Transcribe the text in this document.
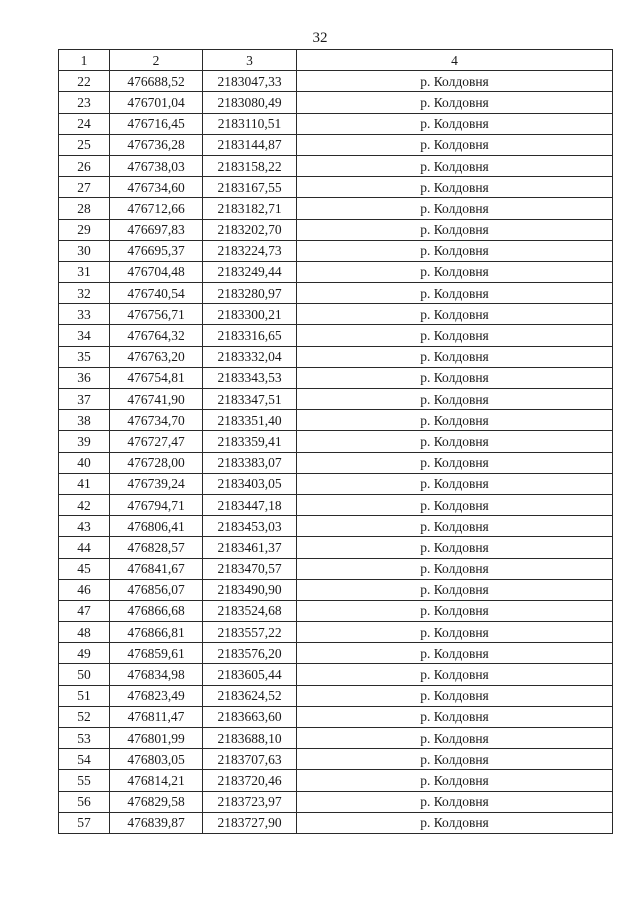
32
1	2	3	4
22	476688,52	2183047,33	р. Колдовня
23	476701,04	2183080,49	р. Колдовня
24	476716,45	2183110,51	р. Колдовня
25	476736,28	2183144,87	р. Колдовня
26	476738,03	2183158,22	р. Колдовня
27	476734,60	2183167,55	р. Колдовня
28	476712,66	2183182,71	р. Колдовня
29	476697,83	2183202,70	р. Колдовня
30	476695,37	2183224,73	р. Колдовня
31	476704,48	2183249,44	р. Колдовня
32	476740,54	2183280,97	р. Колдовня
33	476756,71	2183300,21	р. Колдовня
34	476764,32	2183316,65	р. Колдовня
35	476763,20	2183332,04	р. Колдовня
36	476754,81	2183343,53	р. Колдовня
37	476741,90	2183347,51	р. Колдовня
38	476734,70	2183351,40	р. Колдовня
39	476727,47	2183359,41	р. Колдовня
40	476728,00	2183383,07	р. Колдовня
41	476739,24	2183403,05	р. Колдовня
42	476794,71	2183447,18	р. Колдовня
43	476806,41	2183453,03	р. Колдовня
44	476828,57	2183461,37	р. Колдовня
45	476841,67	2183470,57	р. Колдовня
46	476856,07	2183490,90	р. Колдовня
47	476866,68	2183524,68	р. Колдовня
48	476866,81	2183557,22	р. Колдовня
49	476859,61	2183576,20	р. Колдовня
50	476834,98	2183605,44	р. Колдовня
51	476823,49	2183624,52	р. Колдовня
52	476811,47	2183663,60	р. Колдовня
53	476801,99	2183688,10	р. Колдовня
54	476803,05	2183707,63	р. Колдовня
55	476814,21	2183720,46	р. Колдовня
56	476829,58	2183723,97	р. Колдовня
57	476839,87	2183727,90	р. Колдовня
